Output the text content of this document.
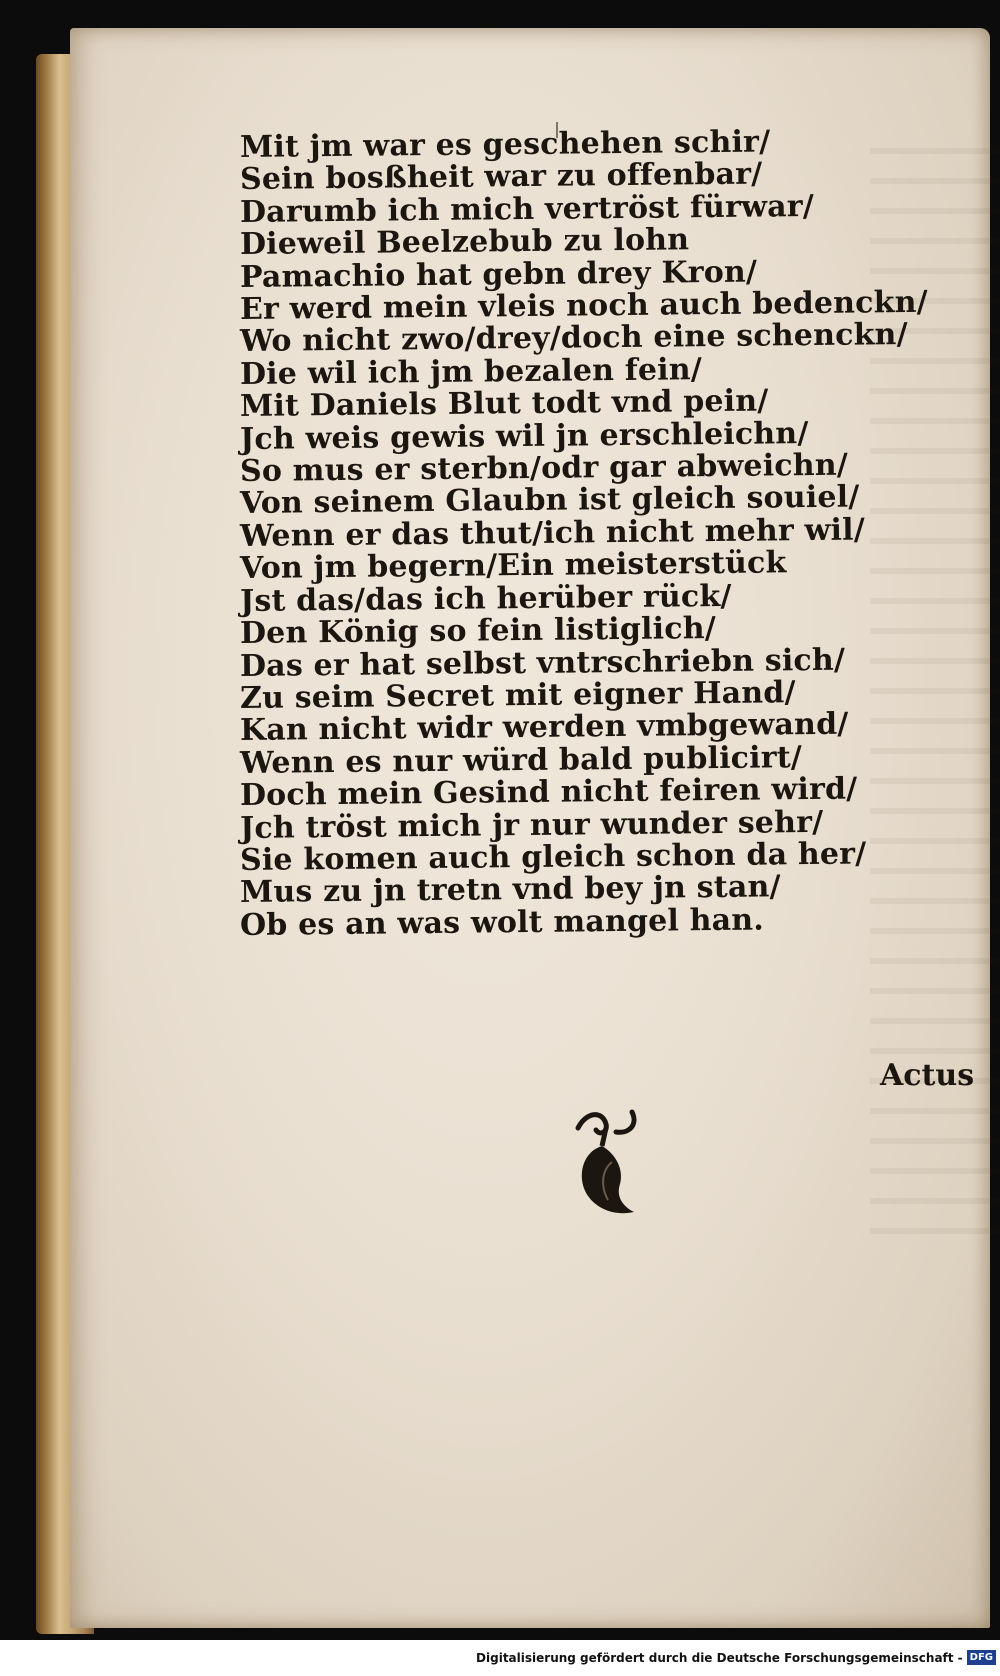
Mit jm war es geschehen schir/
Sein bosßheit war zu offenbar/
Darumb ich mich vertröst fürwar/
Dieweil Beelzebub zu lohn
Pamachio hat gebn drey Kron/
Er werd mein vleis noch auch bedenckn/
Wo nicht zwo/drey/doch eine schenckn/
Die wil ich jm bezalen fein/
Mit Daniels Blut todt vnd pein/
Jch weis gewis wil jn erschleichn/
So mus er sterbn/odr gar abweichn/
Von seinem Glaubn ist gleich souiel/
Wenn er das thut/ich nicht mehr wil/
Von jm begern/Ein meisterstück
Jst das/das ich herüber rück/
Den König so fein listiglich/
Das er hat selbst vntrschriebn sich/
Zu seim Secret mit eigner Hand/
Kan nicht widr werden vmbgewand/
Wenn es nur würd bald publicirt/
Doch mein Gesind nicht feiren wird/
Jch tröst mich jr nur wunder sehr/
Sie komen auch gleich schon da her/
Mus zu jn tretn vnd bey jn stan/
Ob es an was wolt mangel han.
Actus
Digitalisierung gefördert durch die Deutsche Forschungsgemeinschaft - DFG
